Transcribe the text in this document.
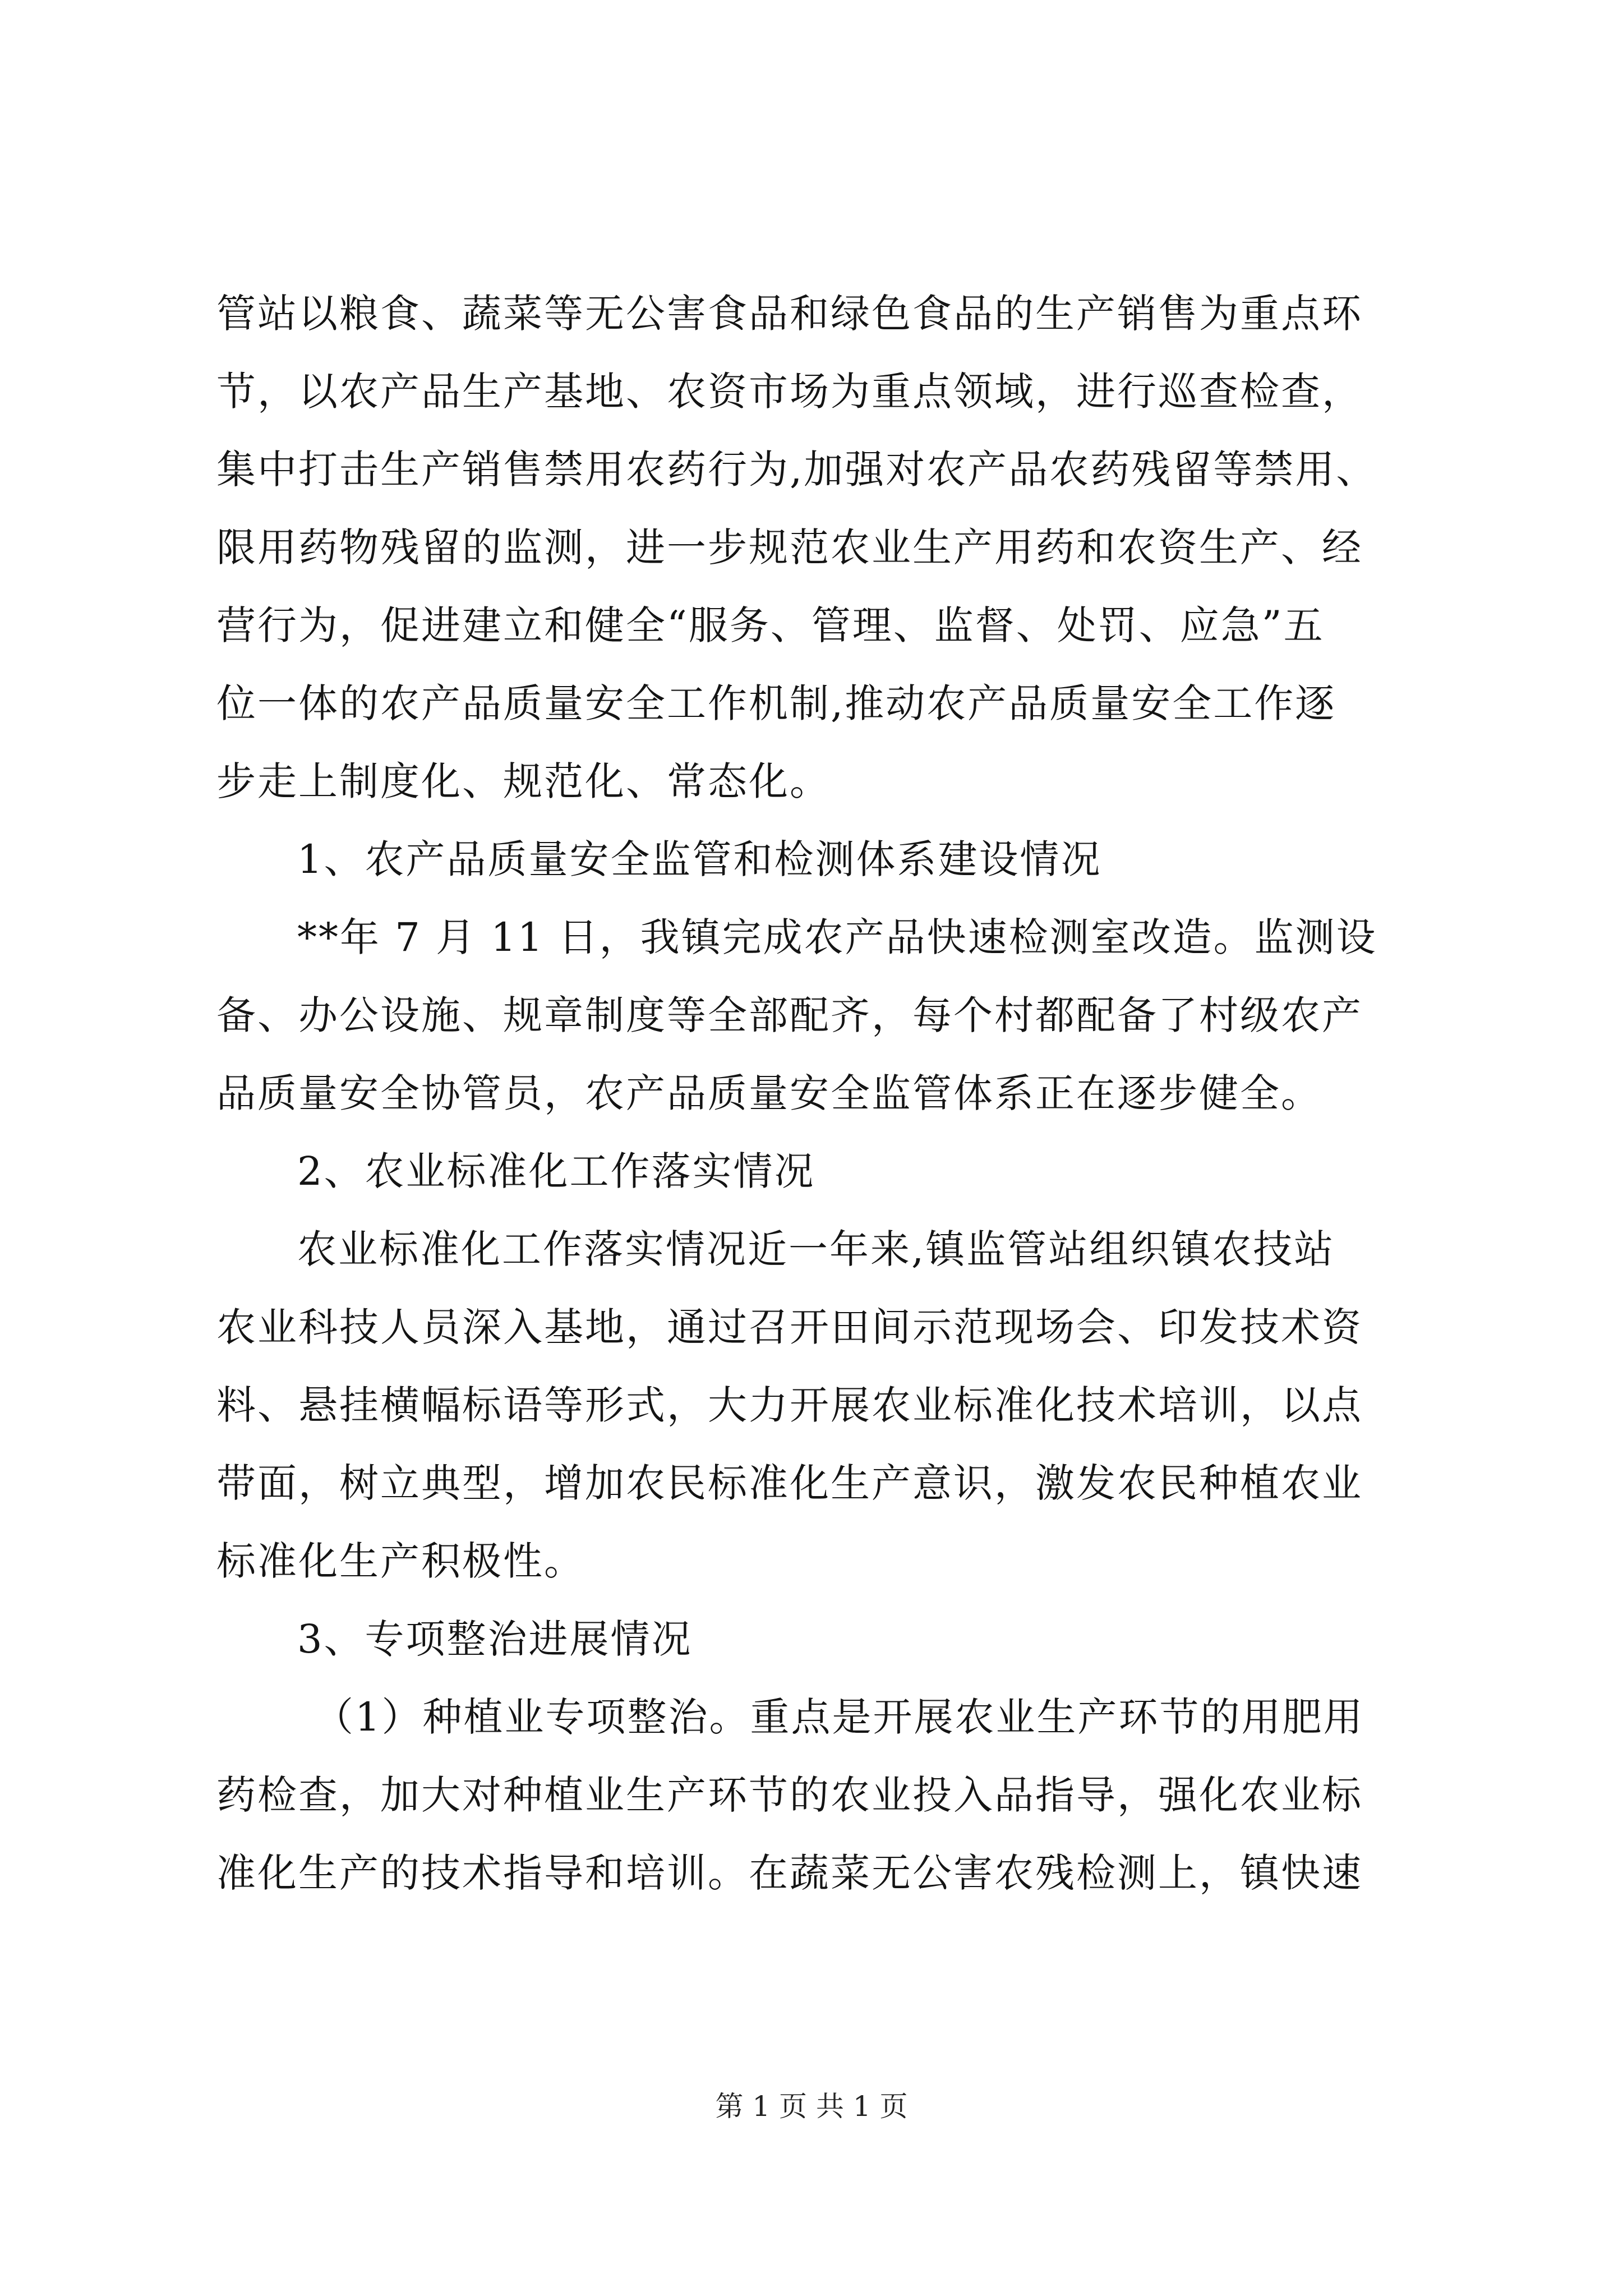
管站以粮食、蔬菜等无公害食品和绿色食品的生产销售为重点环
节，以农产品生产基地、农资市场为重点领域，进行巡查检查，
集中打击生产销售禁用农药行为,加强对农产品农药残留等禁用、
限用药物残留的监测，进一步规范农业生产用药和农资生产、经
营行为，促进建立和健全“服务、管理、监督、处罚、应急”五
位一体的农产品质量安全工作机制,推动农产品质量安全工作逐
步走上制度化、规范化、常态化。
1、农产品质量安全监管和检测体系建设情况
**年 7 月 11 日，我镇完成农产品快速检测室改造。监测设
备、办公设施、规章制度等全部配齐，每个村都配备了村级农产
品质量安全协管员，农产品质量安全监管体系正在逐步健全。
2、农业标准化工作落实情况
农业标准化工作落实情况近一年来,镇监管站组织镇农技站
农业科技人员深入基地，通过召开田间示范现场会、印发技术资
料、悬挂横幅标语等形式，大力开展农业标准化技术培训，以点
带面，树立典型，增加农民标准化生产意识，激发农民种植农业
标准化生产积极性。
3、专项整治进展情况
（1）种植业专项整治。重点是开展农业生产环节的用肥用
药检查，加大对种植业生产环节的农业投入品指导，强化农业标
准化生产的技术指导和培训。在蔬菜无公害农残检测上，镇快速
第 1 页 共 1 页
